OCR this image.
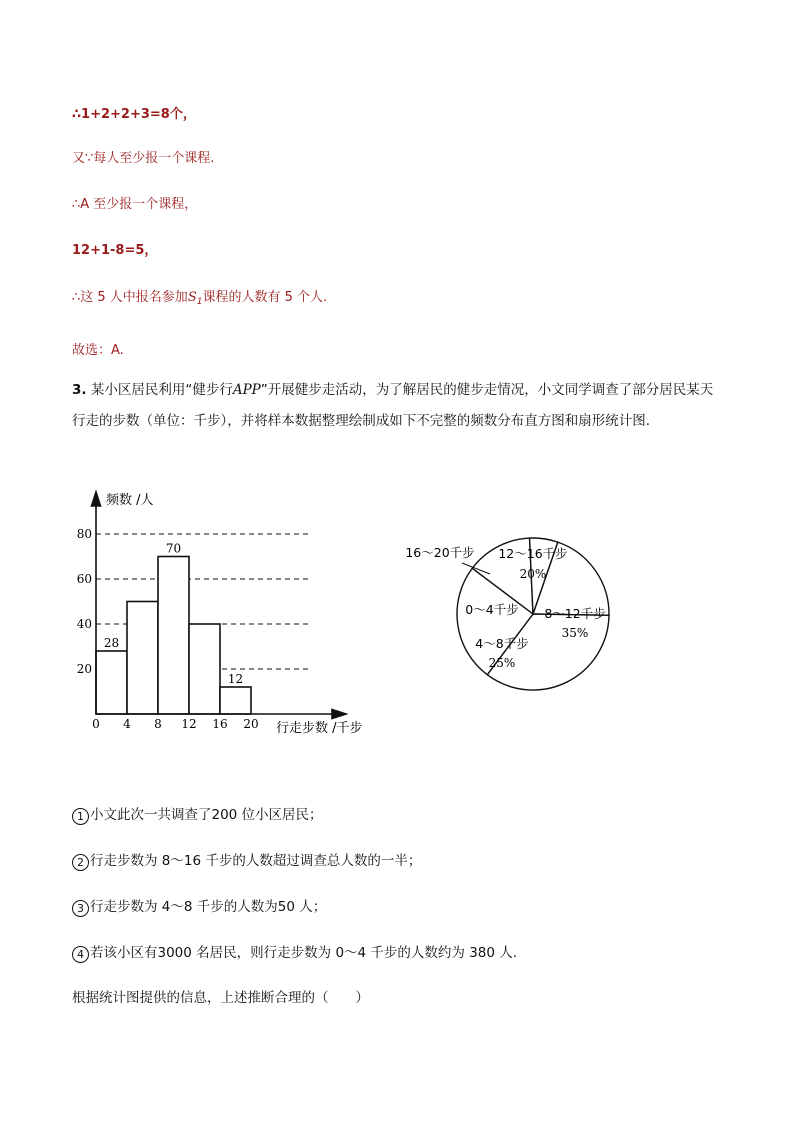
∴1+2+2+3=8个，
又∵每人至少报一个课程.
∴A 至少报一个课程，
12+1-8=5，
∴这 5 人中报名参加$S_1$课程的人数有 5 个人.
故选：A.
3. 某小区居民利用“健步行APP”开展健步走活动，为了解居民的健步走情况，小文同学调查了部分居民某天行走的步数（单位：千步），并将样本数据整理绘制成如下不完整的频数分布直方图和扇形统计图.
0 4 8 12 16 20
20
40
60
80
28
70
12
频数 /人
行走步数 /千步
12～16千步
20%
8～12千步
35%
4～8千步
25%
0～4千步
16～20千步
1 小文此次一共调查了200 位小区居民；
2 行走步数为 8～16 千步的人数超过调查总人数的一半；
3 行走步数为 4～8 千步的人数为50 人；
4 若该小区有3000 名居民，则行走步数为 0～4 千步的人数约为 380 人.
根据统计图提供的信息，上述推断合理的（　　）
